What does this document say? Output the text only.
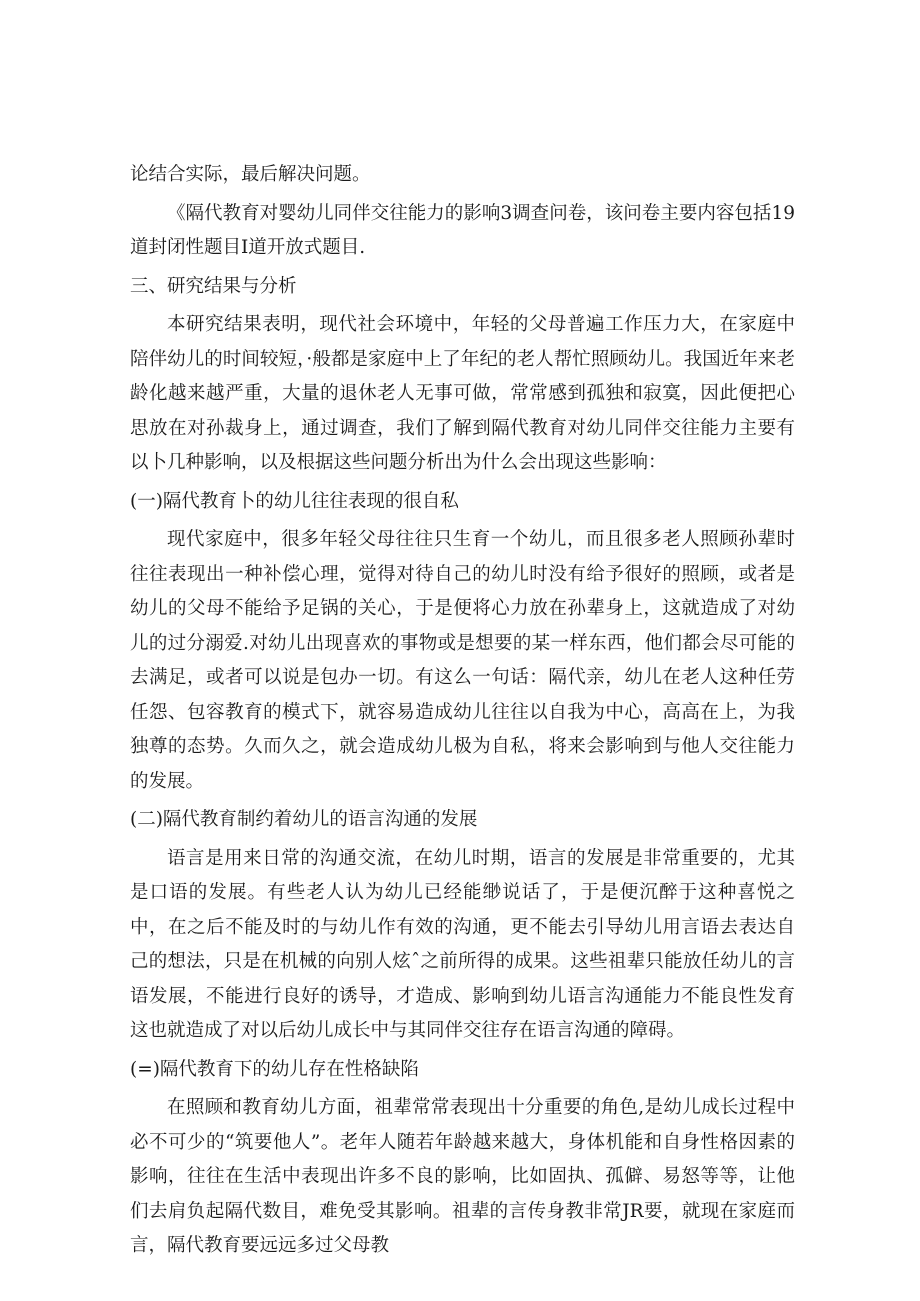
论结合实际，最后解决问题。

《隔代教育对婴幼儿同伴交往能力的影响3调查问卷，该问卷主要内容包括19道封闭性题目I道开放式题目.

三、研究结果与分析

本研究结果表明，现代社会环境中，年轻的父母普遍工作压力大，在家庭中陪伴幼儿的时间较短，·般都是家庭中上了年纪的老人帮忙照顾幼儿。我国近年来老龄化越来越严重，大量的退休老人无事可做，常常感到孤独和寂寞，因此便把心思放在对孙裁身上，通过调查，我们了解到隔代教育对幼儿同伴交往能力主要有以卜几种影响，以及根据这些问题分析出为什么会出现这些影响：

(一)隔代教育卜的幼儿往往表现的很自私

现代家庭中，很多年轻父母往往只生育一个幼儿，而且很多老人照顾孙辈时往往表现出一种补偿心理，觉得对待自己的幼儿时没有给予很好的照顾，或者是幼儿的父母不能给予足锅的关心，于是便将心力放在孙辈身上，这就造成了对幼儿的过分溺爱.对幼儿出现喜欢的事物或是想要的某一样东西，他们都会尽可能的去满足，或者可以说是包办一切。有这么一句话：隔代亲，幼儿在老人这种任劳任怨、包容教育的模式下，就容易造成幼儿往往以自我为中心，高高在上，为我独尊的态势。久而久之，就会造成幼儿极为自私，将来会影响到与他人交往能力的发展。

(二)隔代教育制约着幼儿的语言沟通的发展

语言是用来日常的沟通交流，在幼儿时期，语言的发展是非常重要的，尤其是口语的发展。有些老人认为幼儿已经能缈说话了，于是便沉醉于这种喜悦之中，在之后不能及时的与幼儿作有效的沟通，更不能去引导幼儿用言语去表达自己的想法，只是在机械的向别人炫ˆ之前所得的成果。这些祖辈只能放任幼儿的言语发展，不能进行良好的诱导，才造成、影响到幼儿语言沟通能力不能良性发育这也就造成了对以后幼儿成长中与其同伴交往存在语言沟通的障碍。

(=)隔代教育下的幼儿存在性格缺陷

在照顾和教育幼儿方面，祖辈常常表现出十分重要的角色,是幼儿成长过程中必不可少的“筑要他人”。老年人随若年龄越来越大，身体机能和自身性格因素的影响，往往在生活中表现出许多不良的影响，比如固执、孤僻、易怒等等，让他们去肩负起隔代数目，难免受其影响。祖辈的言传身教非常JR要，就现在家庭而言，隔代教育要远远多过父母教
